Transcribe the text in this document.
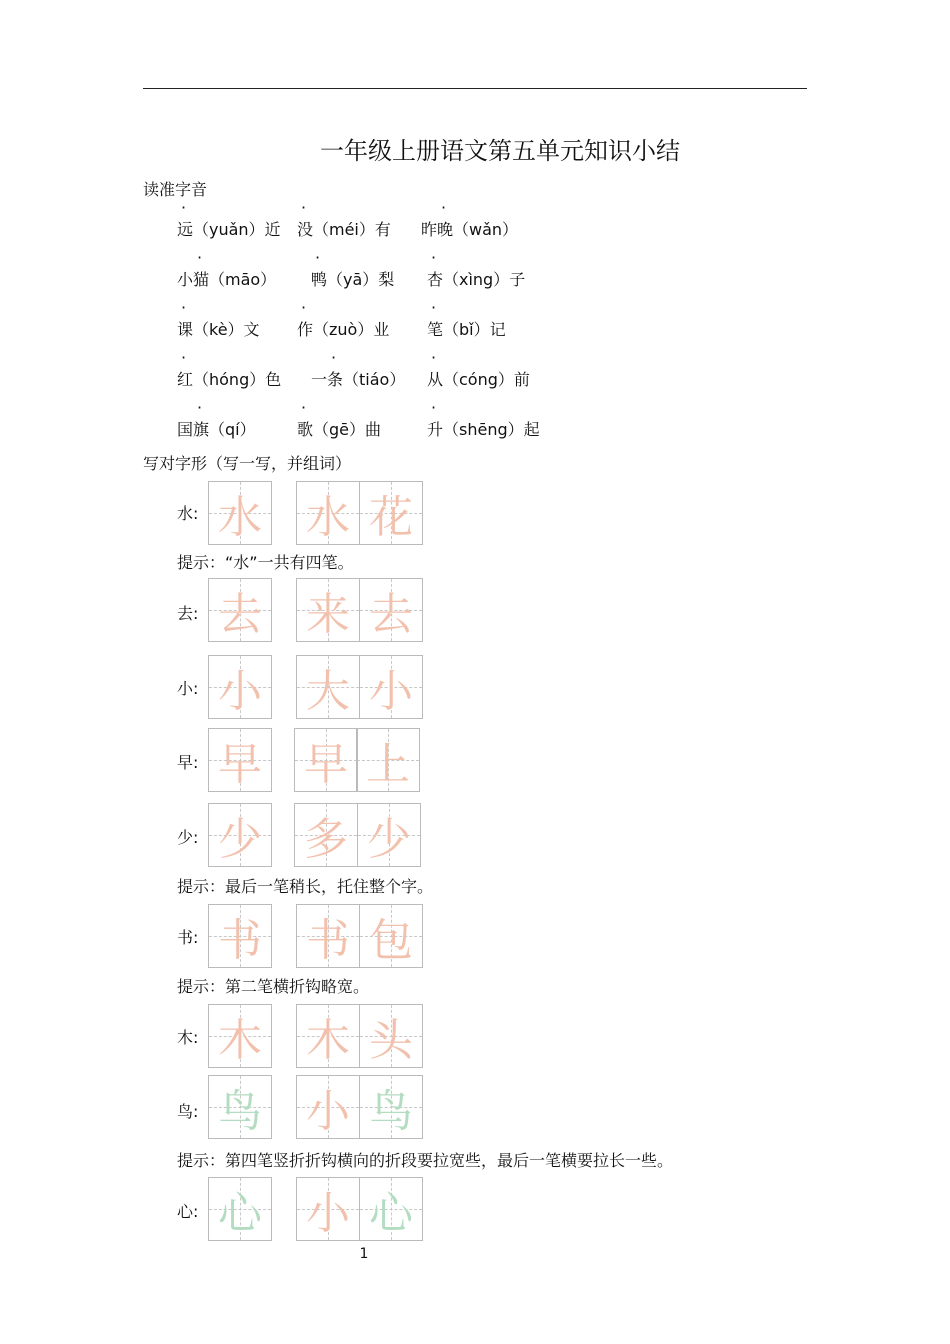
一年级上册语文第五单元知识小结
读准字音
·
远（yuǎn）近
·
没（méi）有
·
昨晚（wǎn）
·
小猫（māo）
·
鸭（yā）梨
·
杏（xìng）子
·
课（kè）文
·
作（zuò）业
·
笔（bǐ）记
·
红（hóng）色
·
一条（tiáo）
·
从（cóng）前
·
国旗（qí）
·
歌（gē）曲
·
升（shēng）起
写对字形（写一写，并组词）
水: 水 水 花
提示：“水”一共有四笔。
去: 去 来 去
小: 小 大 小
早: 早 早 上
少: 少 多 少
提示：最后一笔稍长，托住整个字。
书: 书 书 包
提示：第二笔横折钩略宽。
木: 木 木 头
鸟: 鸟 小 鸟
提示：第四笔竖折折钩横向的折段要拉宽些，最后一笔横要拉长一些。
心: 心 小 心
1
